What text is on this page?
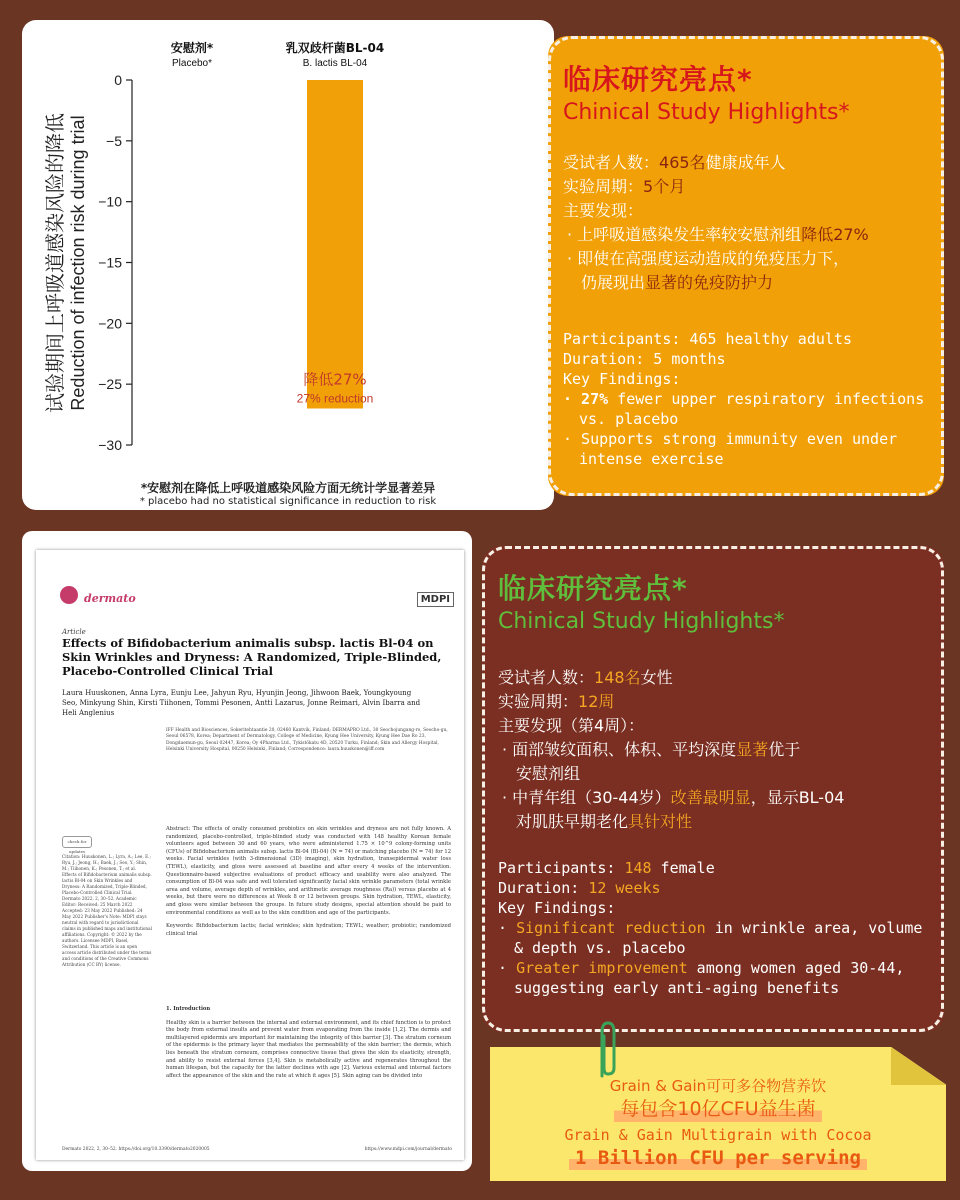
0
−5
−10
−15
−20
−25
−30
试验期间上呼吸道感染风险的降低 Reduction of infection risk during trial
安慰剂*
Placebo*
乳双歧杆菌BL-04
B. lactis BL-04
降低27%
27% reduction
*安慰剂在降低上呼吸道感染风险方面无统计学显著差异
* placebo had no statistical significance in reduction to risk
临床研究亮点*
Chinical Study Highlights*
受试者人数：465名健康成年人
实验周期：5个月
主要发现：
· 上呼吸道感染发生率较安慰剂组降低27%
· 即使在高强度运动造成的免疫压力下，
仍展现出显著的免疫防护力
Participants: 465 healthy adults
Duration: 5 months
Key Findings:
· 27% fewer upper respiratory infections
vs. placebo
· Supports strong immunity even under
intense exercise
dermato	MDPI
Article
Effects of Bifidobacterium animalis subsp. lactis Bl-04 on Skin Wrinkles and Dryness: A Randomized, Triple-Blinded, Placebo-Controlled Clinical Trial
Laura Huuskonen, Anna Lyra, Eunju Lee, Jahyun Ryu, Hyunjin Jeong, Jihwoon Baek, Youngkyoung Seo, Minkyung Shin, Kirsti Tiihonen, Tommi Pesonen, Antti Lazarus, Jonne Reimari, Alvin Ibarra and Heli Anglenius
IFF Health and Biosciences, Sokeritehtaantie 20, 02460 Kantvik, Finland; DERMAPRO Ltd., 30 Seochojungang-ro, Seocho-gu, Seoul 06578, Korea; Department of Dermatology, College of Medicine, Kyung Hee University, Kyung Hee Dae Ro 23, Dongdaemun-gu, Seoul 02447, Korea; Oy 4Pharma Ltd., Tykistökatu 4D, 20520 Turku, Finland; Skin and Allergy Hospital, Helsinki University Hospital, 00250 Helsinki, Finland; Correspondence: laura.huuskonen@iff.com
check for updates
Citation: Huuskonen, L.; Lyra, A.; Lee, E.; Ryu, J.; Jeong, H.; Baek, J.; Seo, Y.; Shin, M.; Tiihonen, K.; Pesonen, T.; et al. Effects of Bifidobacterium animalis subsp. lactis Bl-04 on Skin Wrinkles and Dryness: A Randomized, Triple-Blinded, Placebo-Controlled Clinical Trial. Dermato 2022, 2, 30–52. Academic Editor: Received: 25 March 2022 Accepted: 23 May 2022 Published: 24 May 2022 Publisher's Note: MDPI stays neutral with regard to jurisdictional claims in published maps and institutional affiliations. Copyright: © 2022 by the authors. Licensee MDPI, Basel, Switzerland. This article is an open access article distributed under the terms and conditions of the Creative Commons Attribution (CC BY) license.
Abstract: The effects of orally consumed probiotics on skin wrinkles and dryness are not fully known. A randomized, placebo-controlled, triple-blinded study was conducted with 148 healthy Korean female volunteers aged between 30 and 60 years, who were administered 1.75 × 10^9 colony-forming units (CFUs) of Bifidobacterium animalis subsp. lactis Bl-04 (Bl-04) (N = 74) or matching placebo (N = 74) for 12 weeks. Facial wrinkles (with 3-dimensional (3D) imaging), skin hydration, transepidermal water loss (TEWL), elasticity, and gloss were assessed at baseline and after every 4 weeks of the intervention. Questionnaire-based subjective evaluations of product efficacy and usability were also analyzed. The consumption of Bl-04 was safe and well tolerated significantly facial skin wrinkle parameters (total wrinkle area and volume, average depth of wrinkles, and arithmetic average roughness (Ra)) versus placebo at 4 weeks, but there were no differences at Week 8 or 12 between groups. Skin hydration, TEWL, elasticity, and gloss were similar between the groups. In future study designs, special attention should be paid to environmental conditions as well as to the skin condition and age of the participants.
Keywords: Bifidobacterium lactis; facial wrinkles; skin hydration; TEWL; weather; probiotic; randomized clinical trial
1. Introduction
Healthy skin is a barrier between the internal and external environment, and its chief function is to protect the body from external insults and prevent water from evaporating from the inside [1,2]. The dermis and multilayered epidermis are important for maintaining the integrity of this barrier [3]. The stratum corneum of the epidermis is the primary layer that mediates the permeability of the skin barrier; the dermis, which lies beneath the stratum corneum, comprises connective tissue that gives the skin its elasticity, strength, and ability to resist external forces [3,4]. Skin is metabolically active and regenerates throughout the human lifespan, but the capacity for the latter declines with age [2]. Various external and internal factors affect the appearance of the skin and the rate at which it ages [5]. Skin aging can be divided into
Dermato 2022, 2, 30–52. https://doi.org/10.3390/dermato2020005	https://www.mdpi.com/journal/dermato
临床研究亮点*
Chinical Study Highlights*
受试者人数：148名女性
实验周期：12周
主要发现（第4周）：
· 面部皱纹面积、体积、平均深度显著优于
安慰剂组
· 中青年组（30-44岁）改善最明显，显示BL-04
对肌肤早期老化具针对性
Participants: 148 female
Duration: 12 weeks
Key Findings:
· Significant reduction in wrinkle area, volume
& depth vs. placebo
· Greater improvement among women aged 30-44,
suggesting early anti-aging benefits
Grain & Gain可可多谷物营养饮
每包含10亿CFU益生菌
Grain & Gain Multigrain with Cocoa
1 Billion CFU per serving
